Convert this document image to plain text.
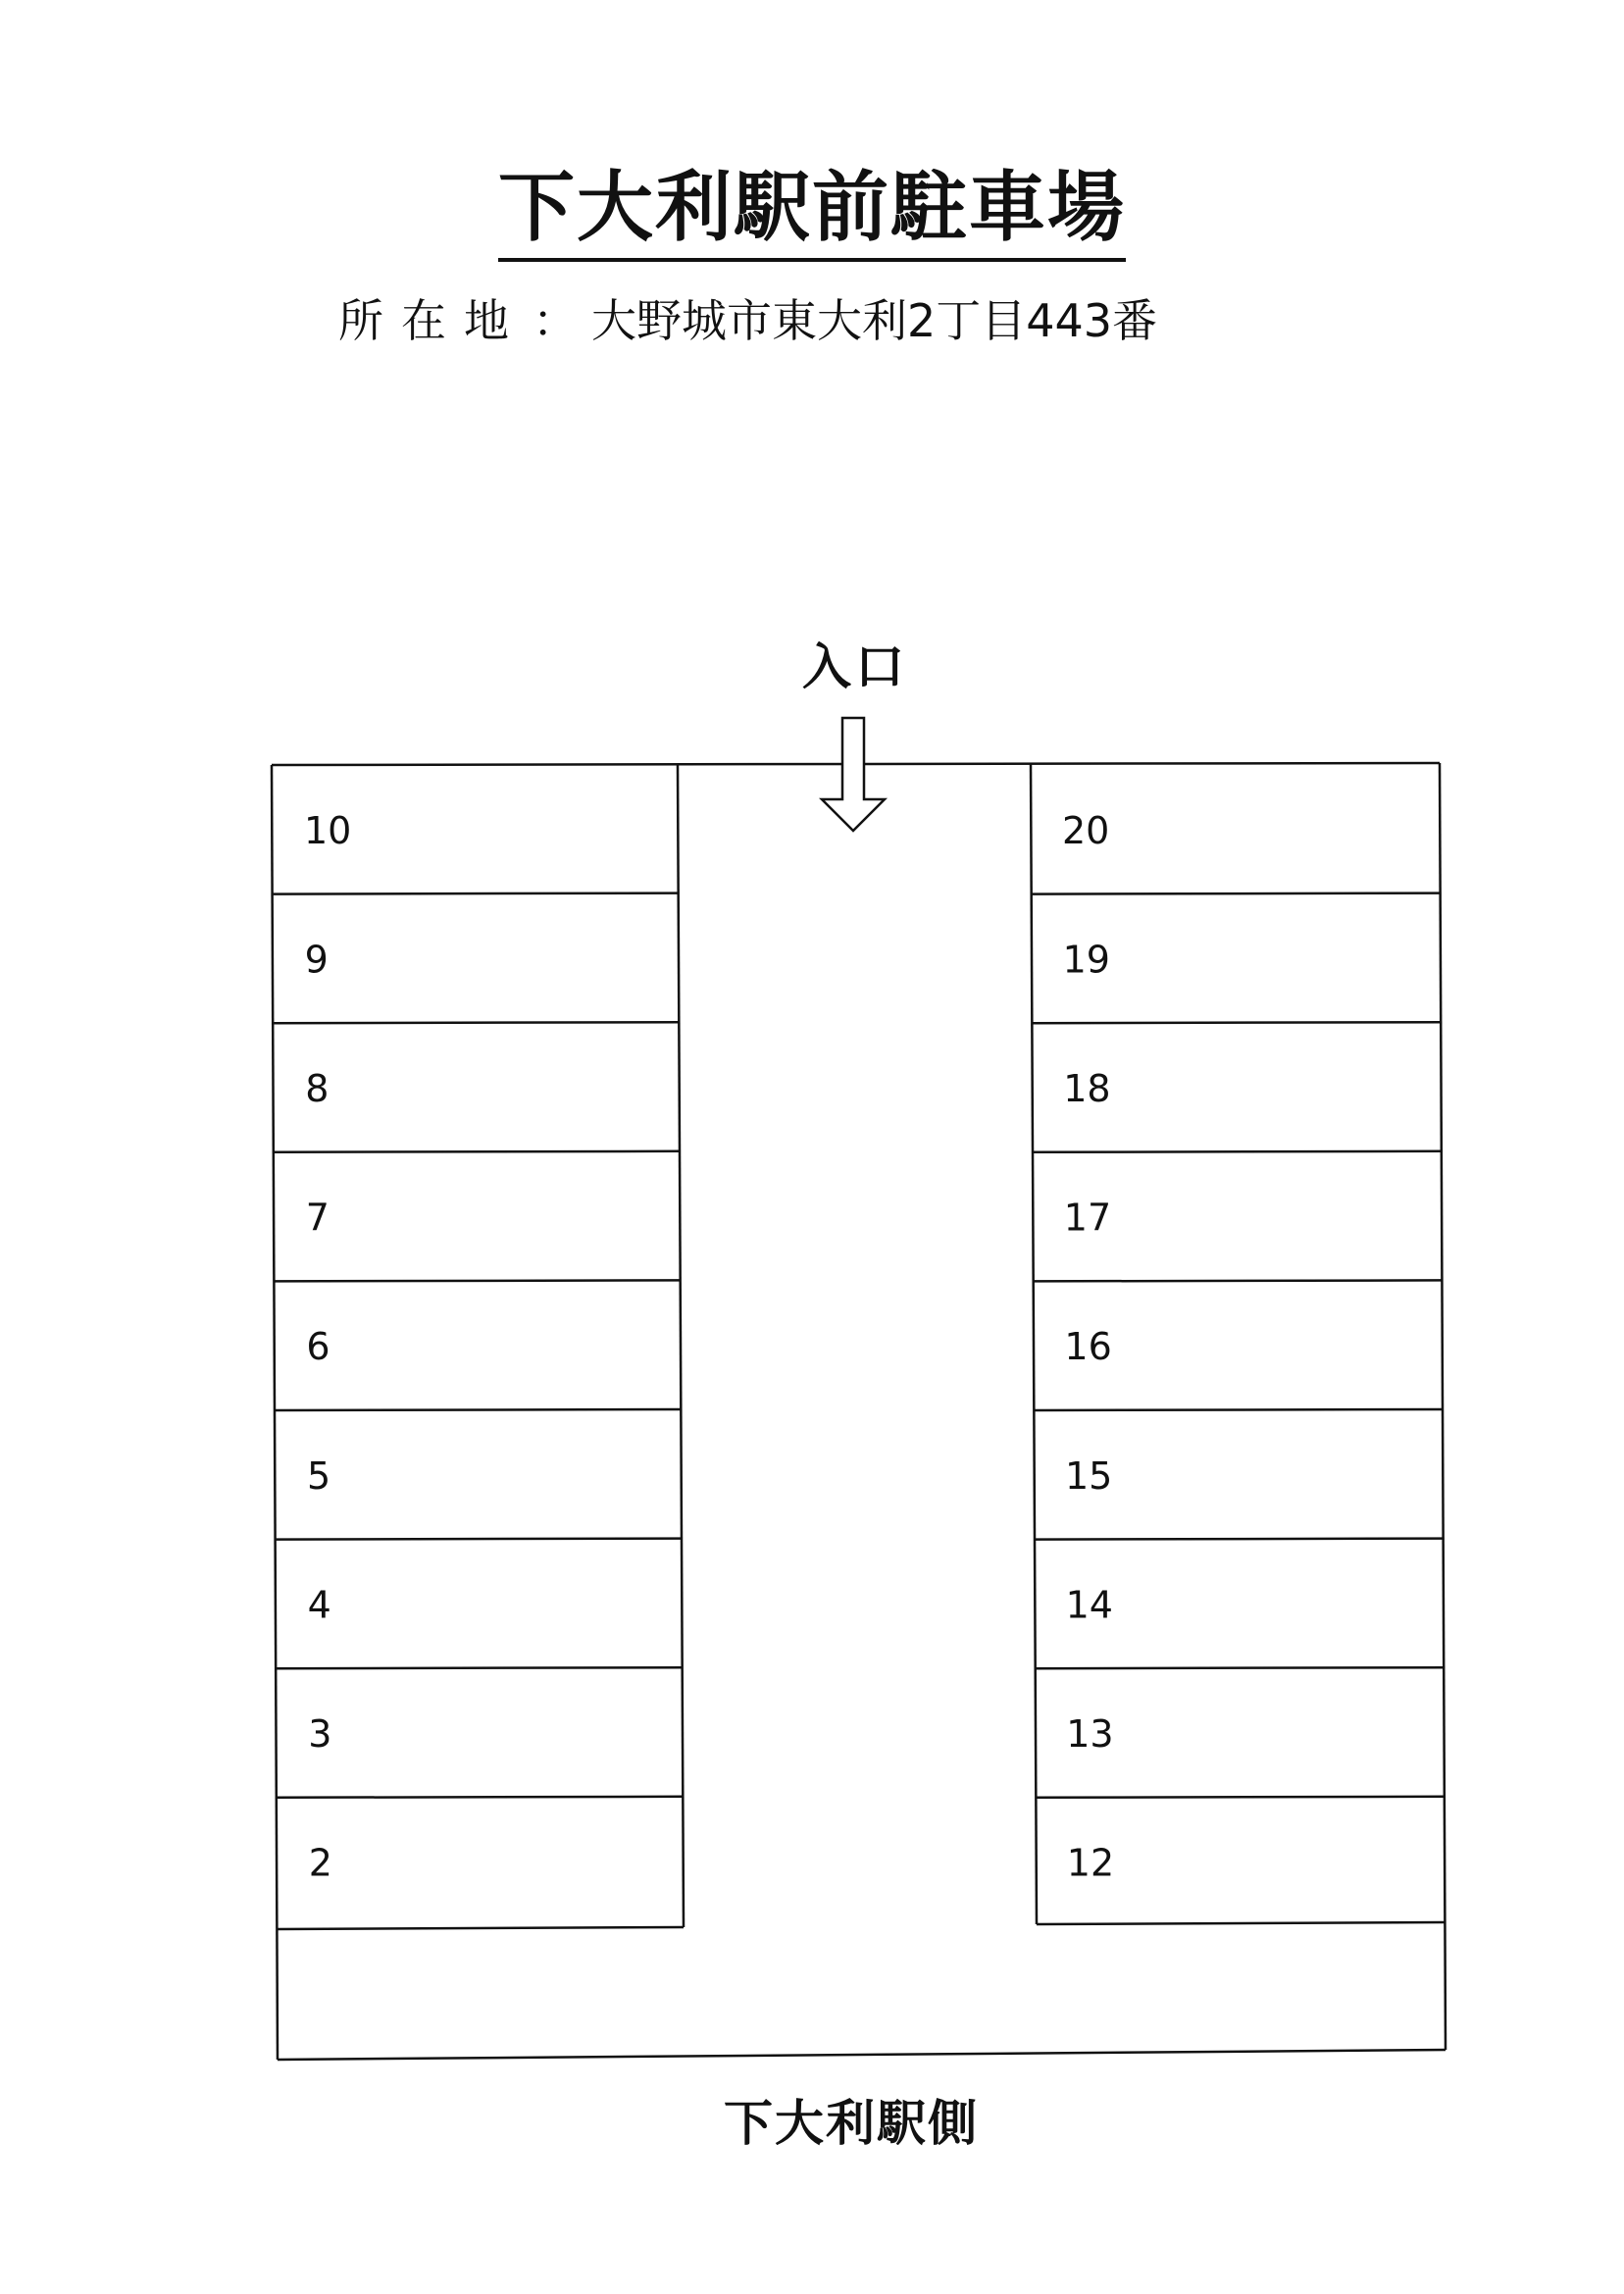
下大利駅前駐車場
所在地 ： 大野城市東大利2丁目443番
入口
10
9
8
7
6
5
4
3
2
20
19
18
17
16
15
14
13
12
下大利駅側
